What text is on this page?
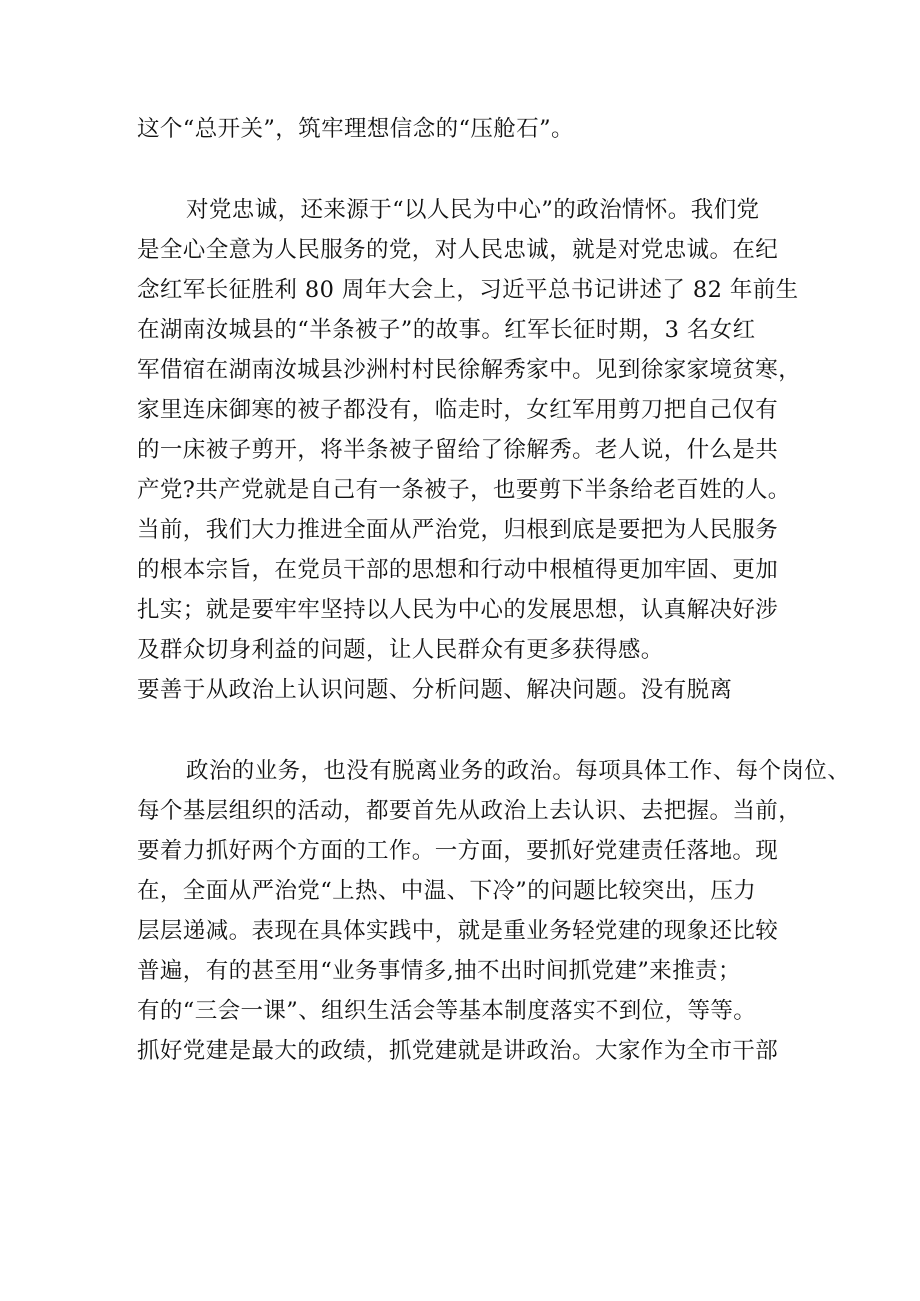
这个“总开关”，筑牢理想信念的“压舱石”。

对党忠诚，还来源于“以人民为中心”的政治情怀。我们党

是全心全意为人民服务的党，对人民忠诚，就是对党忠诚。在纪

念红军长征胜利 80 周年大会上，习近平总书记讲述了 82 年前生

在湖南汝城县的“半条被子”的故事。红军长征时期，3 名女红

军借宿在湖南汝城县沙洲村村民徐解秀家中。见到徐家家境贫寒，

家里连床御寒的被子都没有，临走时，女红军用剪刀把自己仅有

的一床被子剪开，将半条被子留给了徐解秀。老人说，什么是共

产党?共产党就是自己有一条被子，也要剪下半条给老百姓的人。

当前，我们大力推进全面从严治党，归根到底是要把为人民服务

的根本宗旨，在党员干部的思想和行动中根植得更加牢固、更加

扎实；就是要牢牢坚持以人民为中心的发展思想，认真解决好涉

及群众切身利益的问题，让人民群众有更多获得感。

要善于从政治上认识问题、分析问题、解决问题。没有脱离

政治的业务，也没有脱离业务的政治。每项具体工作、每个岗位、

每个基层组织的活动，都要首先从政治上去认识、去把握。当前，

要着力抓好两个方面的工作。一方面，要抓好党建责任落地。现

在，全面从严治党“上热、中温、下冷”的问题比较突出，压力

层层递减。表现在具体实践中，就是重业务轻党建的现象还比较

普遍，有的甚至用“业务事情多,抽不出时间抓党建”来推责；

有的“三会一课”、组织生活会等基本制度落实不到位，等等。

抓好党建是最大的政绩，抓党建就是讲政治。大家作为全市干部
